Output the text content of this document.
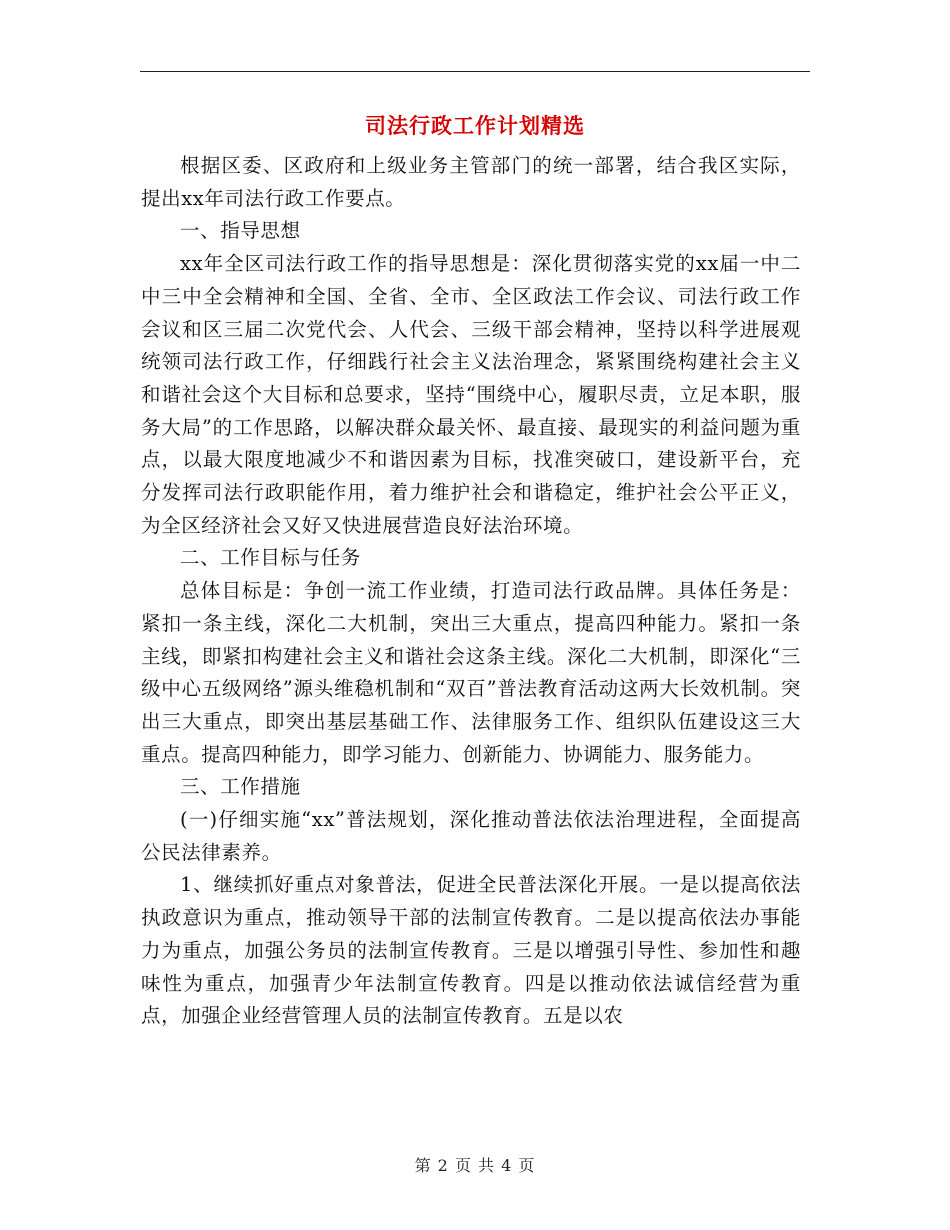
司法行政工作计划精选

根据区委、区政府和上级业务主管部门的统一部署，结合我区实际，提出xx年司法行政工作要点。

一、指导思想

xx年全区司法行政工作的指导思想是：深化贯彻落实党的xx届一中二中三中全会精神和全国、全省、全市、全区政法工作会议、司法行政工作会议和区三届二次党代会、人代会、三级干部会精神，坚持以科学进展观统领司法行政工作，仔细践行社会主义法治理念，紧紧围绕构建社会主义和谐社会这个大目标和总要求，坚持“围绕中心，履职尽责，立足本职，服务大局”的工作思路，以解决群众最关怀、最直接、最现实的利益问题为重点，以最大限度地减少不和谐因素为目标，找准突破口，建设新平台，充分发挥司法行政职能作用，着力维护社会和谐稳定，维护社会公平正义，为全区经济社会又好又快进展营造良好法治环境。

二、工作目标与任务

总体目标是：争创一流工作业绩，打造司法行政品牌。具体任务是：紧扣一条主线，深化二大机制，突出三大重点，提高四种能力。紧扣一条主线，即紧扣构建社会主义和谐社会这条主线。深化二大机制，即深化“三级中心五级网络”源头维稳机制和“双百”普法教育活动这两大长效机制。突出三大重点，即突出基层基础工作、法律服务工作、组织队伍建设这三大重点。提高四种能力，即学习能力、创新能力、协调能力、服务能力。

三、工作措施

(一)仔细实施“xx”普法规划，深化推动普法依法治理进程，全面提高公民法律素养。

1、继续抓好重点对象普法，促进全民普法深化开展。一是以提高依法执政意识为重点，推动领导干部的法制宣传教育。二是以提高依法办事能力为重点，加强公务员的法制宣传教育。三是以增强引导性、参加性和趣味性为重点，加强青少年法制宣传教育。四是以推动依法诚信经营为重点，加强企业经营管理人员的法制宣传教育。五是以农

第 2 页 共 4 页
